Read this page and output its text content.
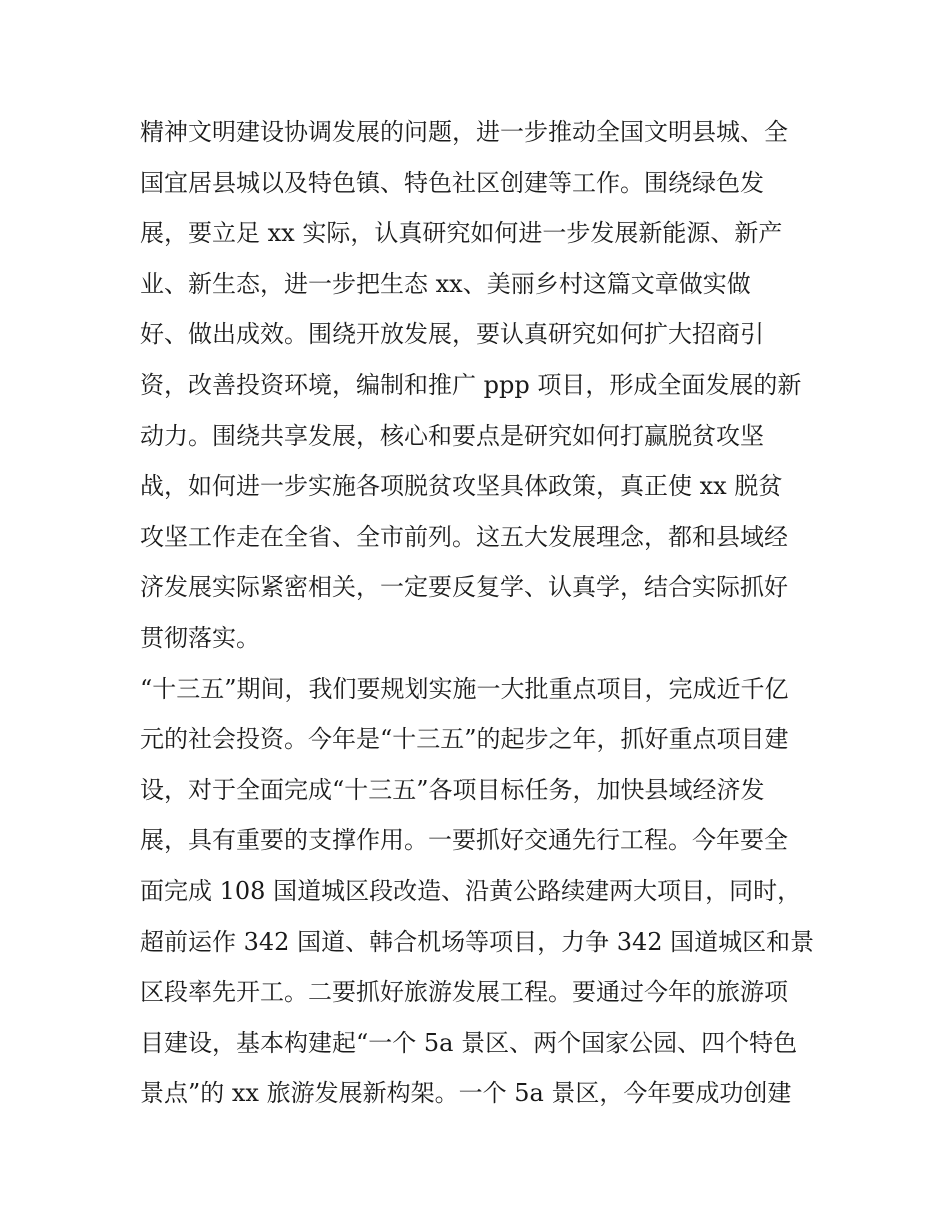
精神文明建设协调发展的问题，进一步推动全国文明县城、全
国宜居县城以及特色镇、特色社区创建等工作。围绕绿色发
展，要立足 xx 实际，认真研究如何进一步发展新能源、新产
业、新生态，进一步把生态 xx、美丽乡村这篇文章做实做
好、做出成效。围绕开放发展，要认真研究如何扩大招商引
资，改善投资环境，编制和推广 ppp 项目，形成全面发展的新
动力。围绕共享发展，核心和要点是研究如何打赢脱贫攻坚
战，如何进一步实施各项脱贫攻坚具体政策，真正使 xx 脱贫
攻坚工作走在全省、全市前列。这五大发展理念，都和县域经
济发展实际紧密相关，一定要反复学、认真学，结合实际抓好
贯彻落实。
“十三五”期间，我们要规划实施一大批重点项目，完成近千亿
元的社会投资。今年是“十三五”的起步之年，抓好重点项目建
设，对于全面完成“十三五”各项目标任务，加快县域经济发
展，具有重要的支撑作用。一要抓好交通先行工程。今年要全
面完成 108 国道城区段改造、沿黄公路续建两大项目，同时，
超前运作 342 国道、韩合机场等项目，力争 342 国道城区和景
区段率先开工。二要抓好旅游发展工程。要通过今年的旅游项
目建设，基本构建起“一个 5a 景区、两个国家公园、四个特色
景点”的 xx 旅游发展新构架。一个 5a 景区，今年要成功创建
